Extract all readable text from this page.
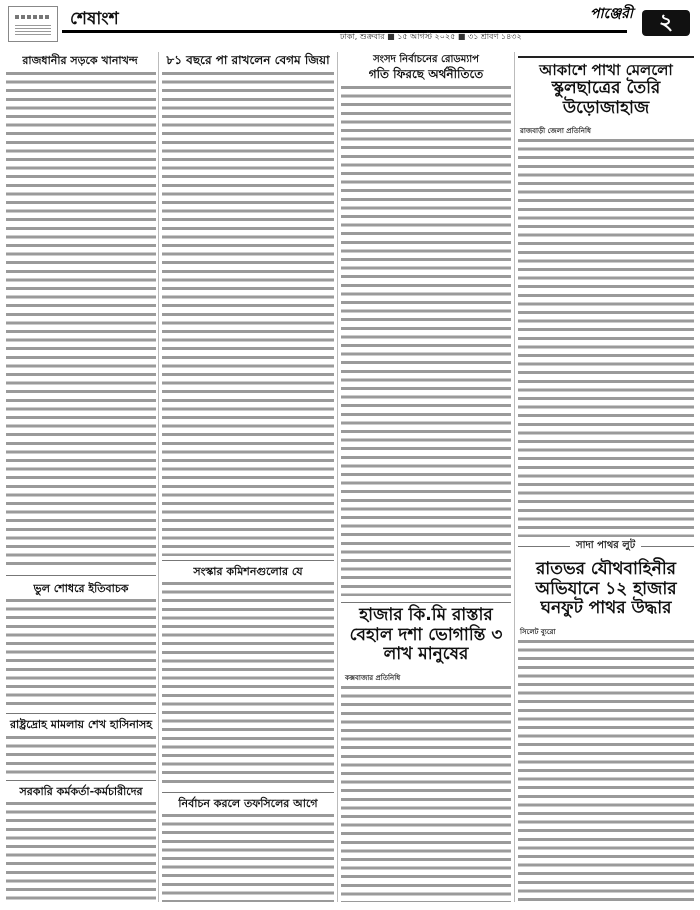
শেষাংশ
ঢাকা, শুক্রবার ■ ১৫ আগস্ট ২০২৫ ■ ৩১ শ্রাবণ ১৪৩২
পাঞ্জেরী	২
রাজধানীর সড়কে খানাখন্দ
ভুল শোধরে ইতিবাচক
রাষ্ট্রদ্রোহ মামলায় শেখ হাসিনাসহ
সরকারি কর্মকর্তা-কর্মচারীদের
৮১ বছরে পা রাখলেন বেগম জিয়া
সংস্কার কমিশনগুলোর যে
নির্বাচন করলে তফসিলের আগে
সংসদ নির্বাচনের রোডম্যাপ
গতি ফিরছে অর্থনীতিতে
হাজার কি.মি রাস্তার
বেহাল দশা ভোগান্তি ৩
লাখ মানুষের
কক্সবাজার প্রতিনিধি
আকাশে পাখা মেললো
স্কুলছাত্রের তৈরি
উড়োজাহাজ
রাজবাড়ী জেলা প্রতিনিধি
সাদা পাথর লুট
রাতভর যৌথবাহিনীর
অভিযানে ১২ হাজার
ঘনফুট পাথর উদ্ধার
সিলেট ব্যুরো
